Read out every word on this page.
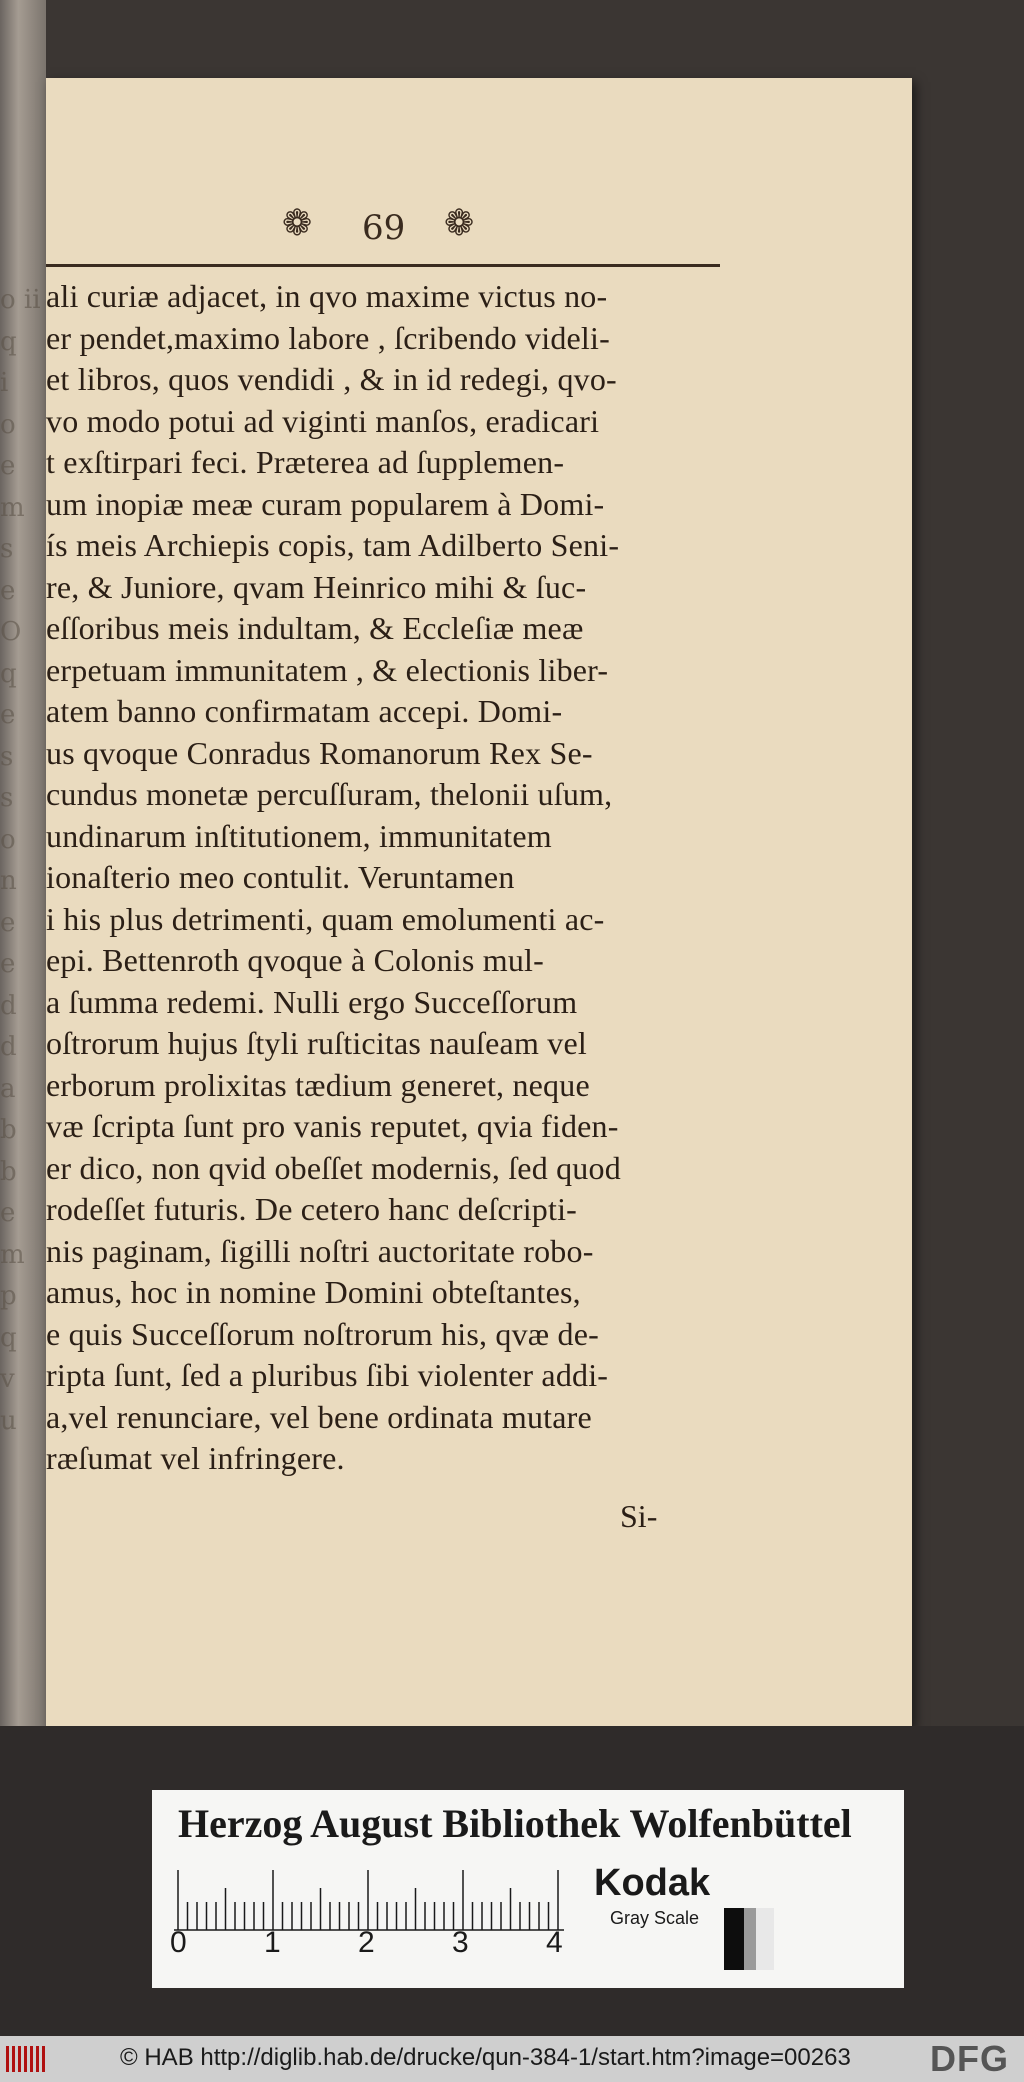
o ii
q
i
o
e
m
s
e
O
q
e
s
s
o
n
e
e
d
d
a
b
b
e
m
p
q
v
u
❁ 69 ❁
ali curiæ adjacet, in qvo maxime victus no-
er pendet,maximo labore , ſcribendo videli-
et libros, quos vendidi , & in id redegi, qvo-
vo modo potui ad viginti manſos, eradicari
t exſtirpari feci. Præterea ad ſupplemen-
um inopiæ meæ curam popularem à Domi-
ís meis Archiepis copis, tam Adilberto Seni-
re, & Juniore, qvam Heinrico mihi & ſuc-
eſſoribus meis indultam, & Eccleſiæ meæ
erpetuam immunitatem , & electionis liber-
atem banno confirmatam accepi. Domi-
us qvoque Conradus Romanorum Rex Se-
cundus monetæ percuſſuram, thelonii uſum,
undinarum inſtitutionem, immunitatem
ionaſterio meo contulit. Veruntamen
i his plus detrimenti, quam emolumenti ac-
epi. Bettenroth qvoque à Colonis mul-
a ſumma redemi. Nulli ergo Succeſſorum
oſtrorum hujus ſtyli ruſticitas nauſeam vel
erborum prolixitas tædium generet, neque
væ ſcripta ſunt pro vanis reputet, qvia fiden-
er dico, non qvid obeſſet modernis, ſed quod
rodeſſet futuris. De cetero hanc deſcripti-
nis paginam, ſigilli noſtri auctoritate robo-
amus, hoc in nomine Domini obteſtantes,
e quis Succeſſorum noſtrorum his, qvæ de-
ripta ſunt, ſed a pluribus ſibi violenter addi-
a,vel renunciare, vel bene ordinata mutare
ræſumat vel infringere.
Si-
Herzog August Bibliothek Wolfenbüttel
0	1	2	3	4
Kodak
Gray Scale
© HAB http://diglib.hab.de/drucke/qun-384-1/start.htm?image=00263 DFG
